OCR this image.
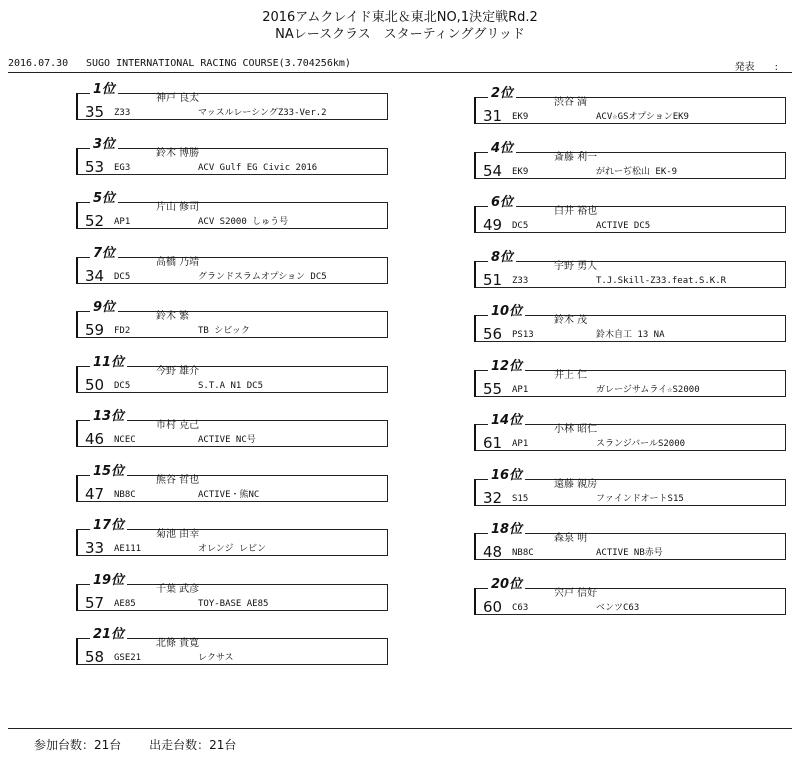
2016アムクレイド東北＆東北NO,1決定戦Rd.2
NAレースクラス　スターティンググリッド
2016.07.30 SUGO INTERNATIONAL RACING COURSE(3.704256km)	発表　　:
1位
神戸 良太
35 Z33	マッスルレーシングZ33-Ver.2
2位
渋谷 満
31 EK9	ACV☆GSオプションEK9
3位
鈴木 博勝
53 EG3	ACV Gulf EG Civic 2016
4位
斎藤 利一
54 EK9	がれーぢ松山 EK-9
5位
片山 修司
52 AP1	ACV S2000 しゅう号
6位
白井 裕也
49 DC5	ACTIVE DC5
7位
高橋 乃靖
34 DC5	グランドスラムオプション DC5
8位
宇野 勇人
51 Z33	T.J.Skill-Z33.feat.S.K.R
9位
鈴木 繁
59 FD2	TB シビック
10位
鈴木 茂
56 PS13	鈴木自工 13 NA
11位
今野 雄介
50 DC5	S.T.A N1 DC5
12位
井上 仁
55 AP1	ガレージサムライ☆S2000
13位
市村 克己
46 NCEC	ACTIVE NC号
14位
小林 昭仁
61 AP1	スランジバールS2000
15位
熊谷 哲也
47 NB8C	ACTIVE・熊NC
16位
遠藤 親房
32 S15	ファインドオートS15
17位
菊池 由幸
33 AE111	オレンジ レビン
18位
森泉 明
48 NB8C	ACTIVE NB赤号
19位
千葉 武彦
57 AE85	TOY-BASE AE85
20位
宍戸 信好
60 C63	ベンツC63
21位
北條 貴寛
58 GSE21	レクサス
参加台数：21台 出走台数：21台
